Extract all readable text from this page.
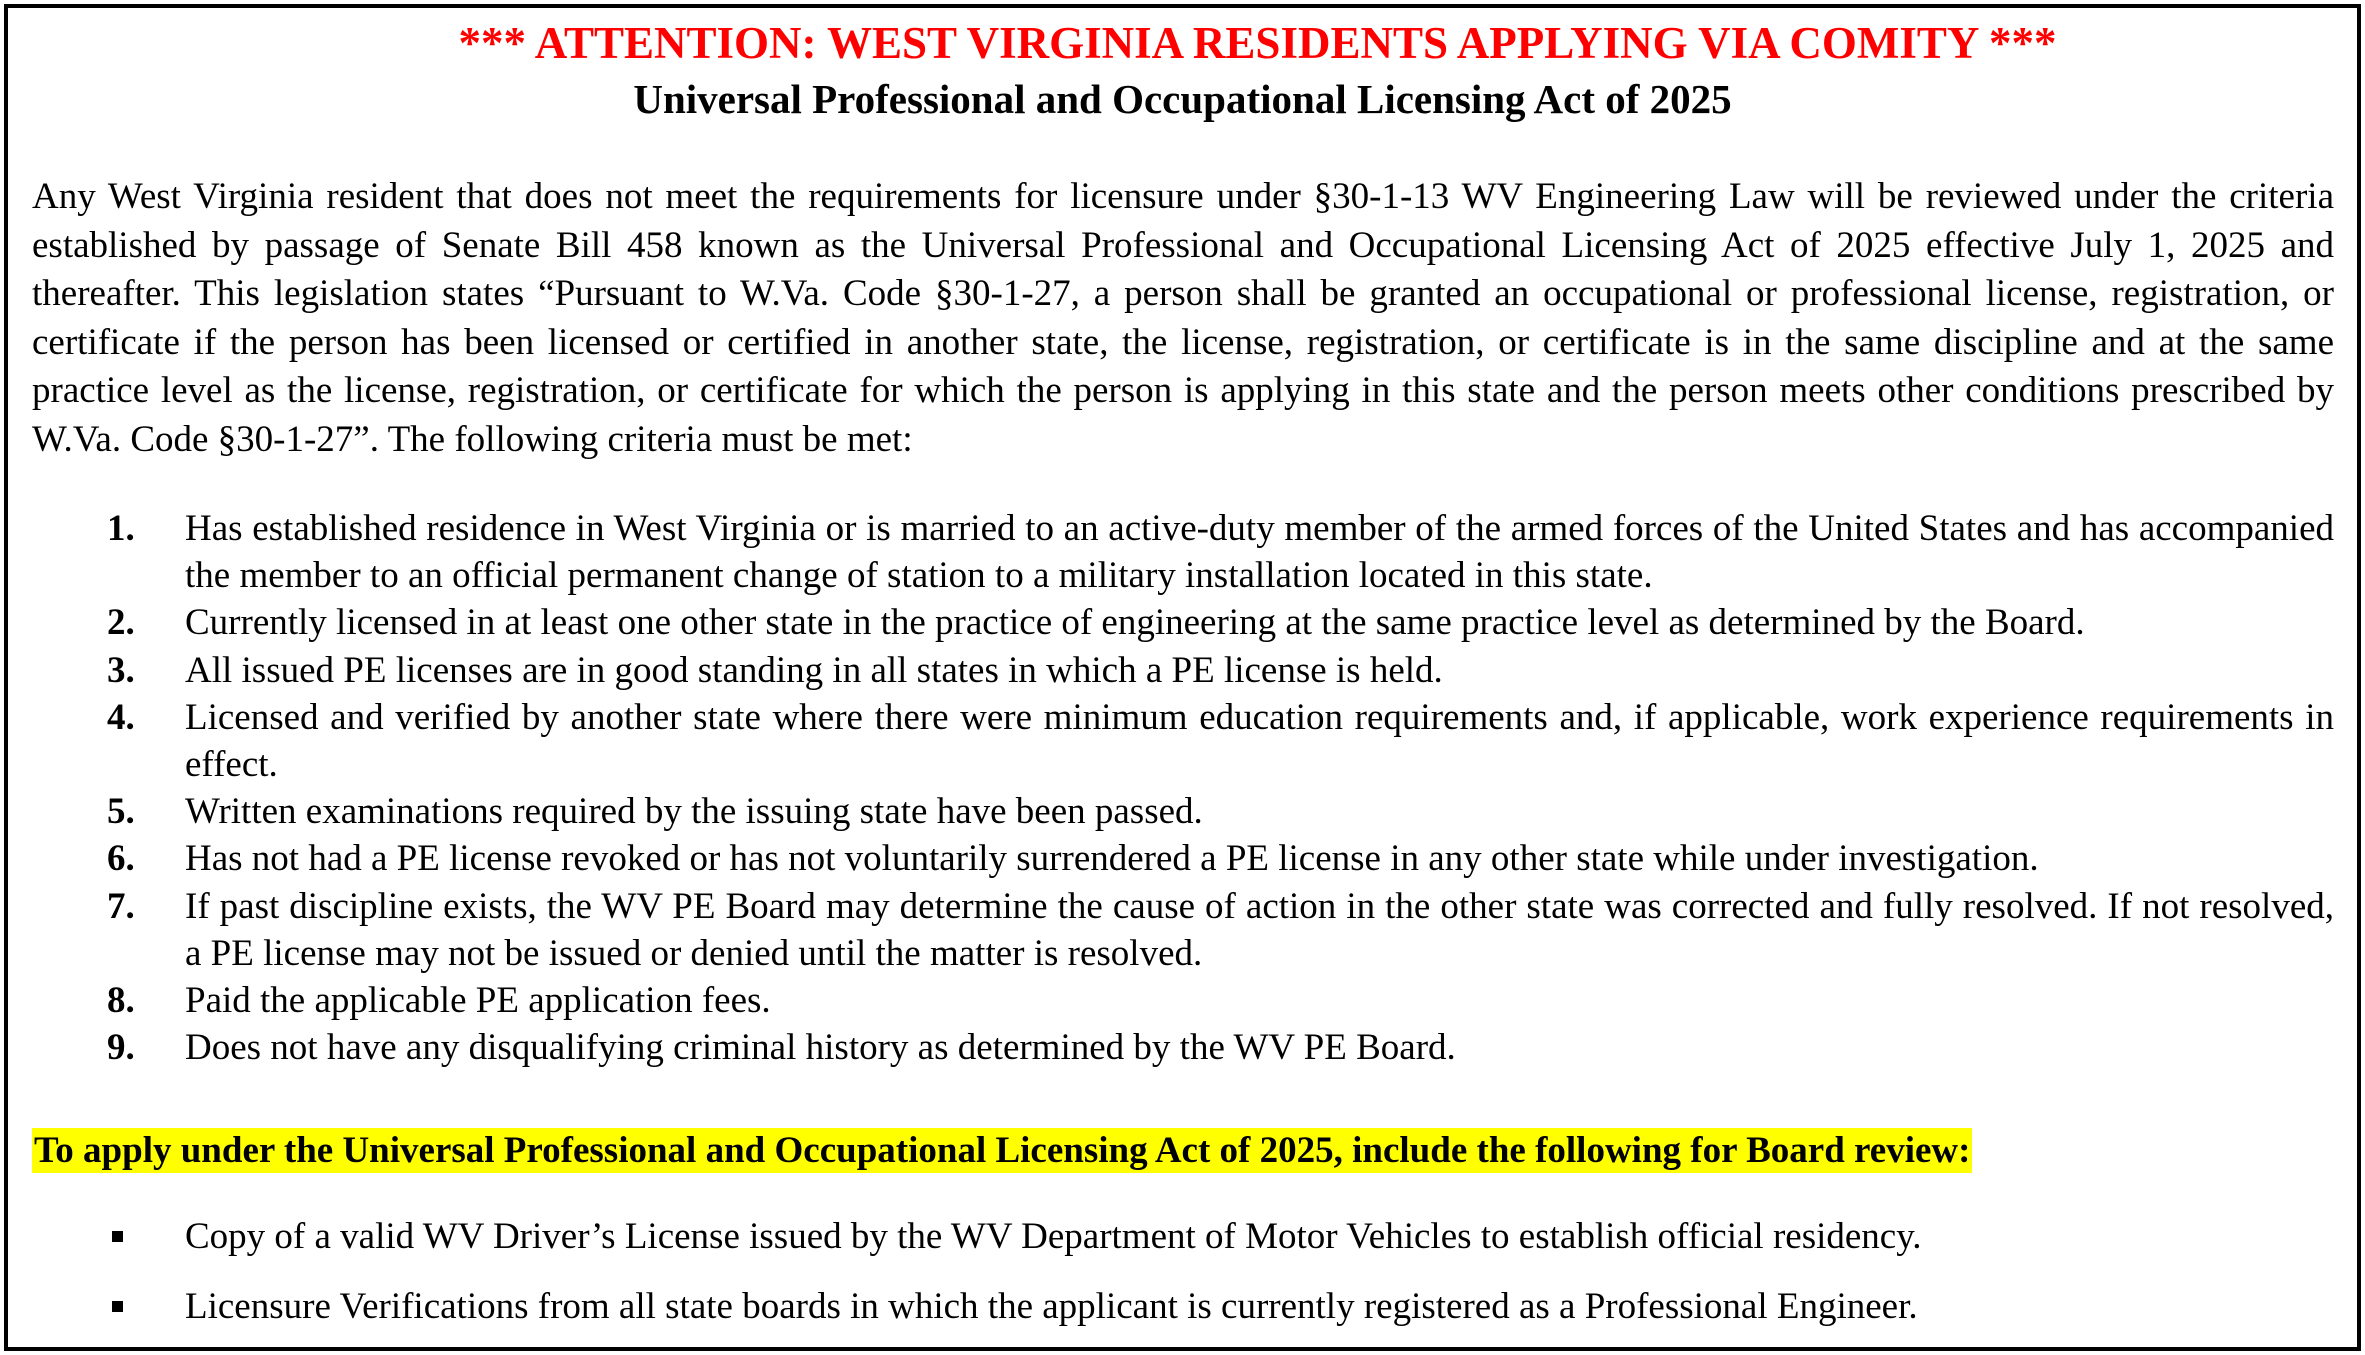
*** ATTENTION: WEST VIRGINIA RESIDENTS APPLYING VIA COMITY ***
Universal Professional and Occupational Licensing Act of 2025

Any West Virginia resident that does not meet the requirements for licensure under §30-1-13 WV Engineering Law will be reviewed under the criteria established by passage of Senate Bill 458 known as the Universal Professional and Occupational Licensing Act of 2025 effective July 1, 2025 and thereafter. This legislation states “Pursuant to W.Va. Code §30-1-27, a person shall be granted an occupational or professional license, registration, or certificate if the person has been licensed or certified in another state, the license, registration, or certificate is in the same discipline and at the same practice level as the license, registration, or certificate for which the person is applying in this state and the person meets other conditions prescribed by W.Va. Code §30-1-27”. The following criteria must be met:

1. Has established residence in West Virginia or is married to an active-duty member of the armed forces of the United States and has accompanied the member to an official permanent change of station to a military installation located in this state.
2. Currently licensed in at least one other state in the practice of engineering at the same practice level as determined by the Board.
3. All issued PE licenses are in good standing in all states in which a PE license is held.
4. Licensed and verified by another state where there were minimum education requirements and, if applicable, work experience requirements in effect.
5. Written examinations required by the issuing state have been passed.
6. Has not had a PE license revoked or has not voluntarily surrendered a PE license in any other state while under investigation.
7. If past discipline exists, the WV PE Board may determine the cause of action in the other state was corrected and fully resolved. If not resolved, a PE license may not be issued or denied until the matter is resolved.
8. Paid the applicable PE application fees.
9. Does not have any disqualifying criminal history as determined by the WV PE Board.
To apply under the Universal Professional and Occupational Licensing Act of 2025, include the following for Board review:
Copy of a valid WV Driver’s License issued by the WV Department of Motor Vehicles to establish official residency.
Licensure Verifications from all state boards in which the applicant is currently registered as a Professional Engineer.
